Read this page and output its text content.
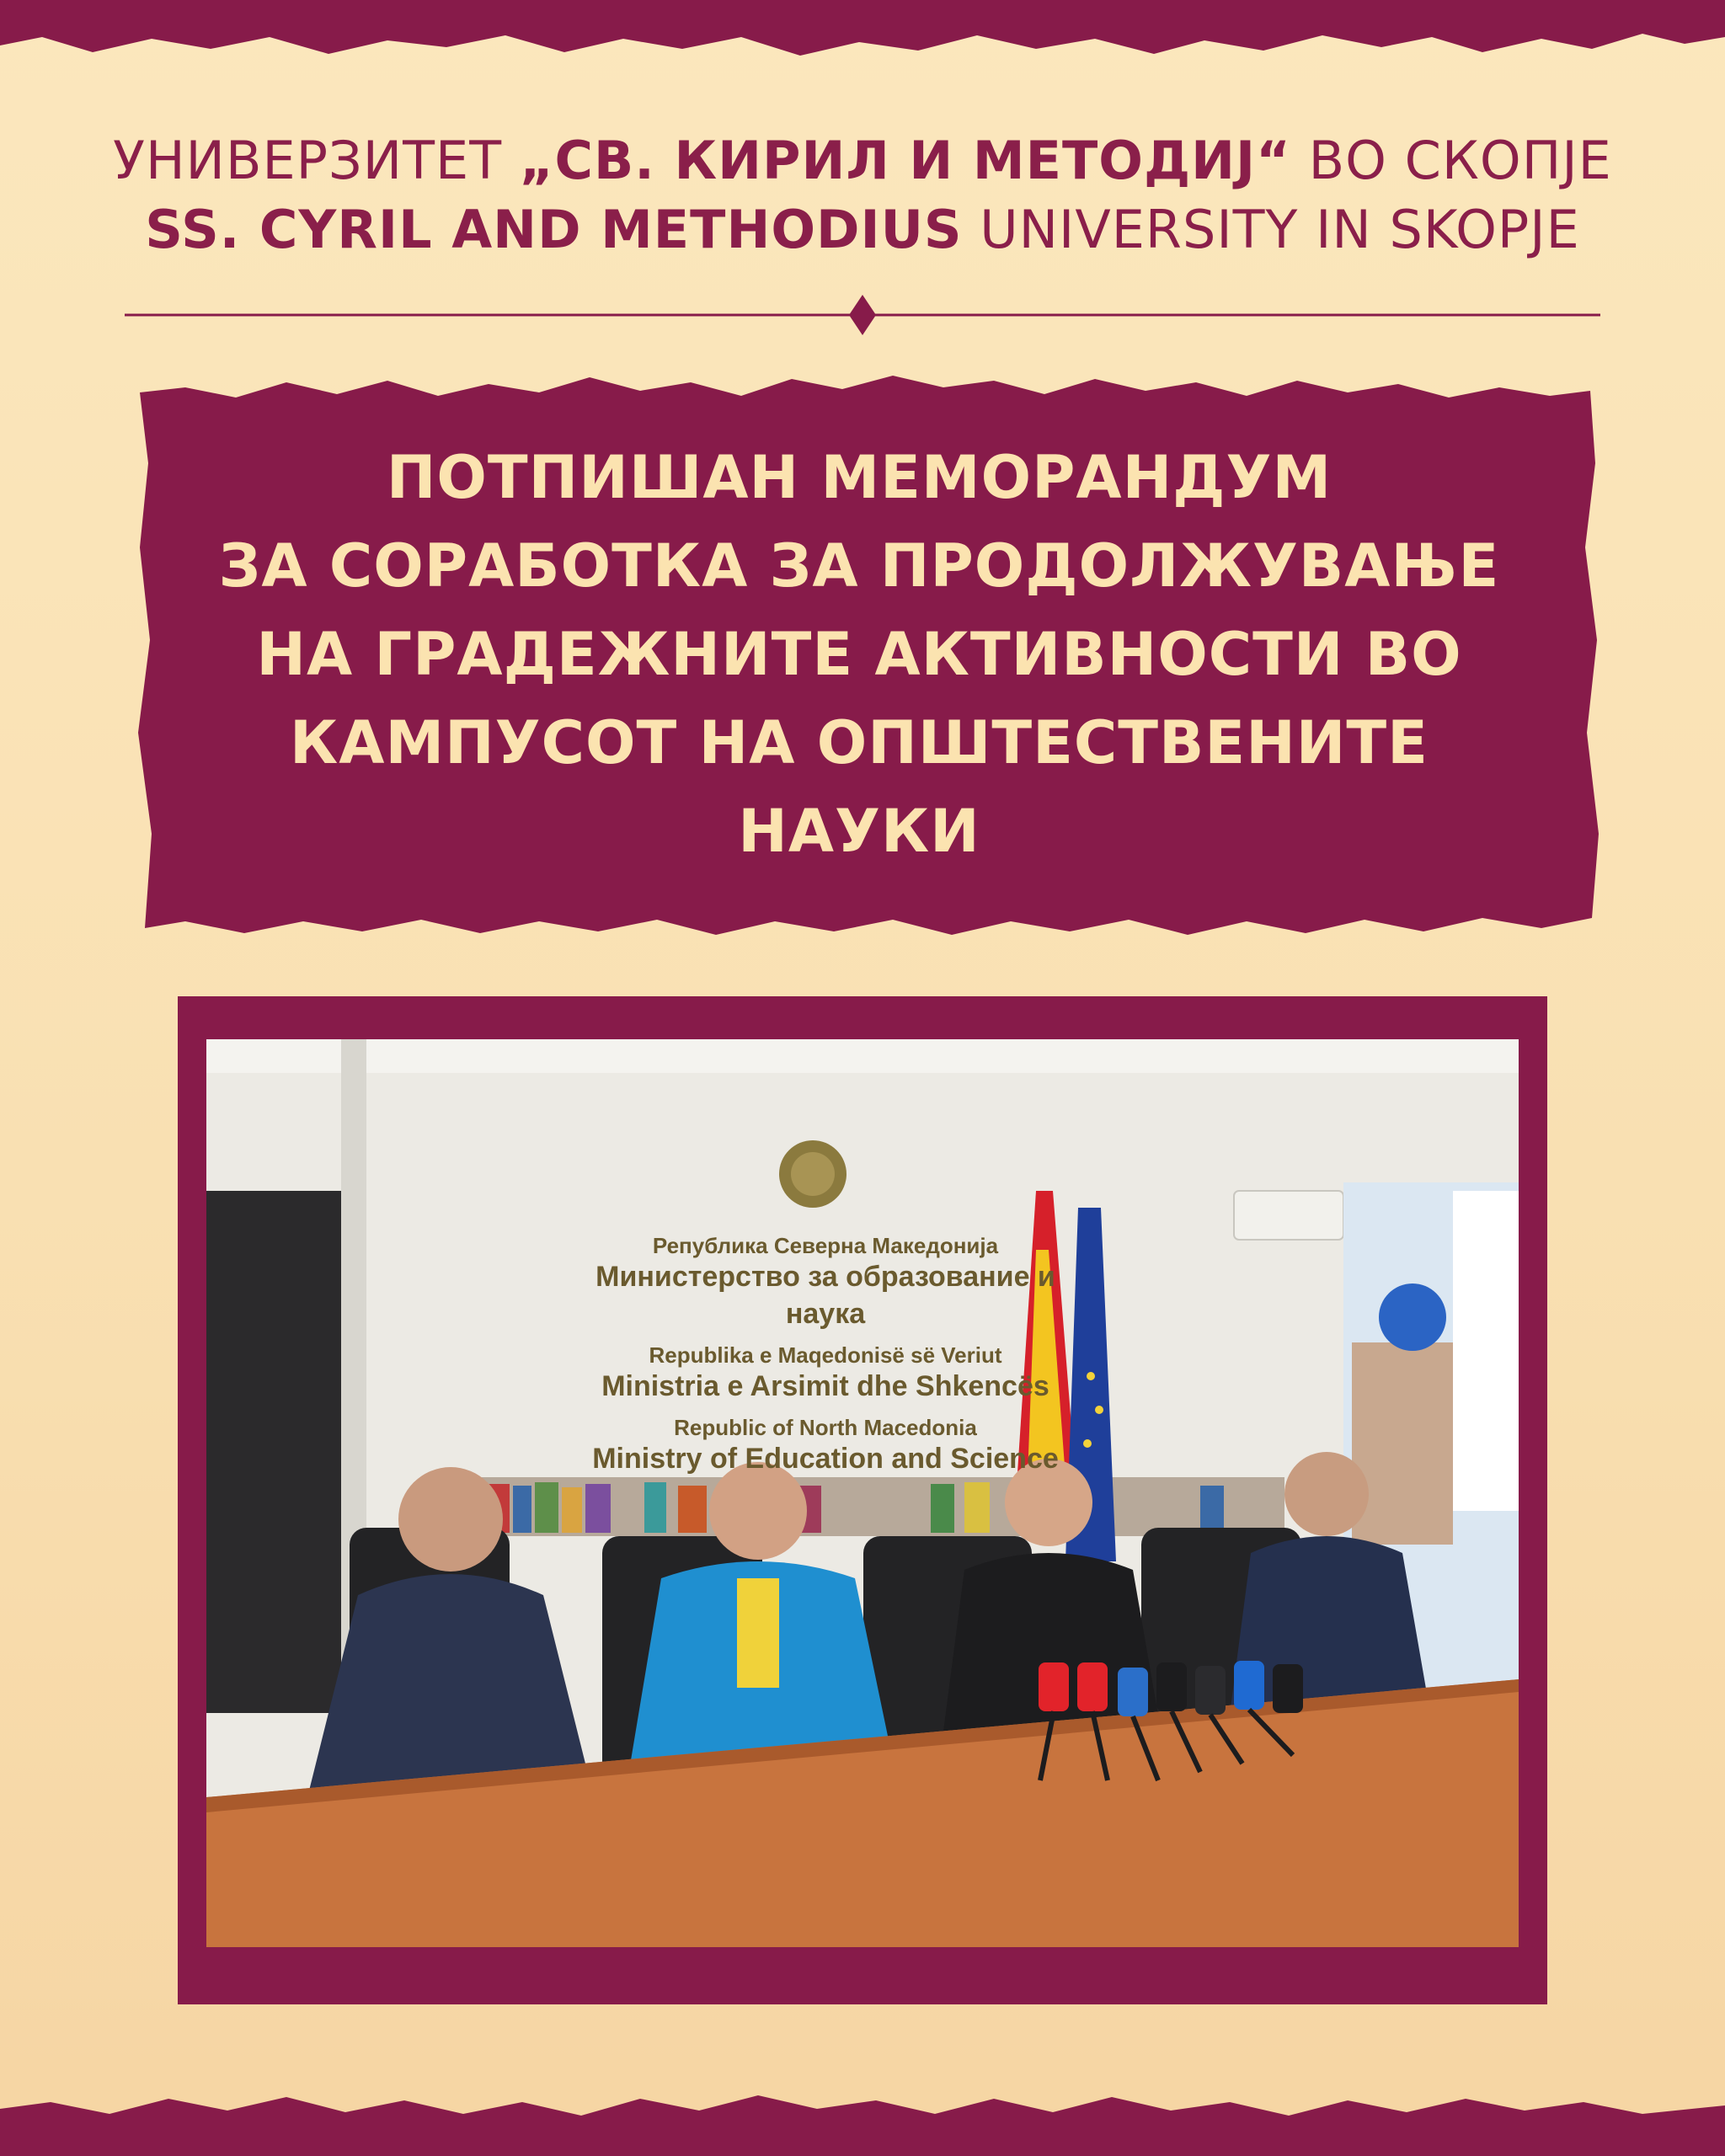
УНИВЕРЗИТЕТ „СВ. КИРИЛ И МЕТОДИЈ“ ВО СКОПЈЕ
SS. CYRIL AND METHODIUS UNIVERSITY IN SKOPJE
ПОТПИШАН МЕМОРАНДУМ
ЗА СОРАБОТКА ЗА ПРОДОЛЖУВАЊЕ
НА ГРАДЕЖНИТЕ АКТИВНОСТИ ВО
КАМПУСОТ НА ОПШТЕСТВЕНИТЕ
НАУКИ
Република Северна Македонија
Министерство за образование и наука
Republika e Maqedonisë së Veriut
Ministria e Arsimit dhe Shkencës
Republic of North Macedonia
Ministry of Education and Science
